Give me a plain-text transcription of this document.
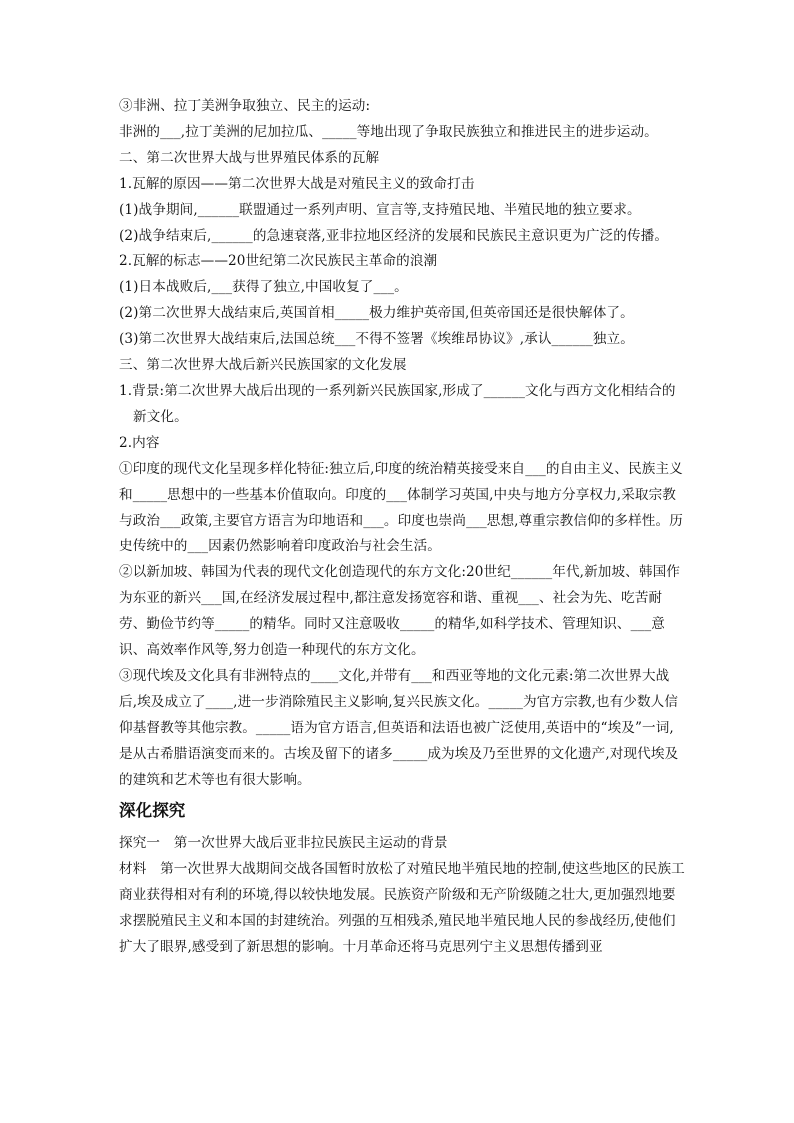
③非洲、拉丁美洲争取独立、民主的运动:

非洲的___,拉丁美洲的尼加拉瓜、_____等地出现了争取民族独立和推进民主的进步运动。

二、第二次世界大战与世界殖民体系的瓦解

1.瓦解的原因——第二次世界大战是对殖民主义的致命打击

(1)战争期间,______联盟通过一系列声明、宣言等,支持殖民地、半殖民地的独立要求。

(2)战争结束后,______的急速衰落,亚非拉地区经济的发展和民族民主意识更为广泛的传播。

2.瓦解的标志——20世纪第二次民族民主革命的浪潮

(1)日本战败后,___获得了独立,中国收复了___。

(2)第二次世界大战结束后,英国首相_____极力维护英帝国,但英帝国还是很快解体了。

(3)第二次世界大战结束后,法国总统___不得不签署《埃维昂协议》,承认______独立。

三、第二次世界大战后新兴民族国家的文化发展

1.背景:第二次世界大战后出现的一系列新兴民族国家,形成了______文化与西方文化相结合的新文化。

2.内容

①印度的现代文化呈现多样化特征:独立后,印度的统治精英接受来自___的自由主义、民族主义和_____思想中的一些基本价值取向。印度的___体制学习英国,中央与地方分享权力,采取宗教与政治___政策,主要官方语言为印地语和___。印度也崇尚___思想,尊重宗教信仰的多样性。历史传统中的___因素仍然影响着印度政治与社会生活。

②以新加坡、韩国为代表的现代文化创造现代的东方文化:20世纪______年代,新加坡、韩国作为东亚的新兴___国,在经济发展过程中,都注意发扬宽容和谐、重视___、社会为先、吃苦耐劳、勤俭节约等_____的精华。同时又注意吸收_____的精华,如科学技术、管理知识、___意识、高效率作风等,努力创造一种现代的东方文化。

③现代埃及文化具有非洲特点的____文化,并带有___和西亚等地的文化元素:第二次世界大战后,埃及成立了____,进一步消除殖民主义影响,复兴民族文化。_____为官方宗教,也有少数人信仰基督教等其他宗教。_____语为官方语言,但英语和法语也被广泛使用,英语中的“埃及”一词,是从古希腊语演变而来的。古埃及留下的诸多_____成为埃及乃至世界的文化遗产,对现代埃及的建筑和艺术等也有很大影响。

深化探究

探究一　第一次世界大战后亚非拉民族民主运动的背景

材料　第一次世界大战期间交战各国暂时放松了对殖民地半殖民地的控制,使这些地区的民族工商业获得相对有利的环境,得以较快地发展。民族资产阶级和无产阶级随之壮大,更加强烈地要求摆脱殖民主义和本国的封建统治。列强的互相残杀,殖民地半殖民地人民的参战经历,使他们扩大了眼界,感受到了新思想的影响。十月革命还将马克思列宁主义思想传播到亚
